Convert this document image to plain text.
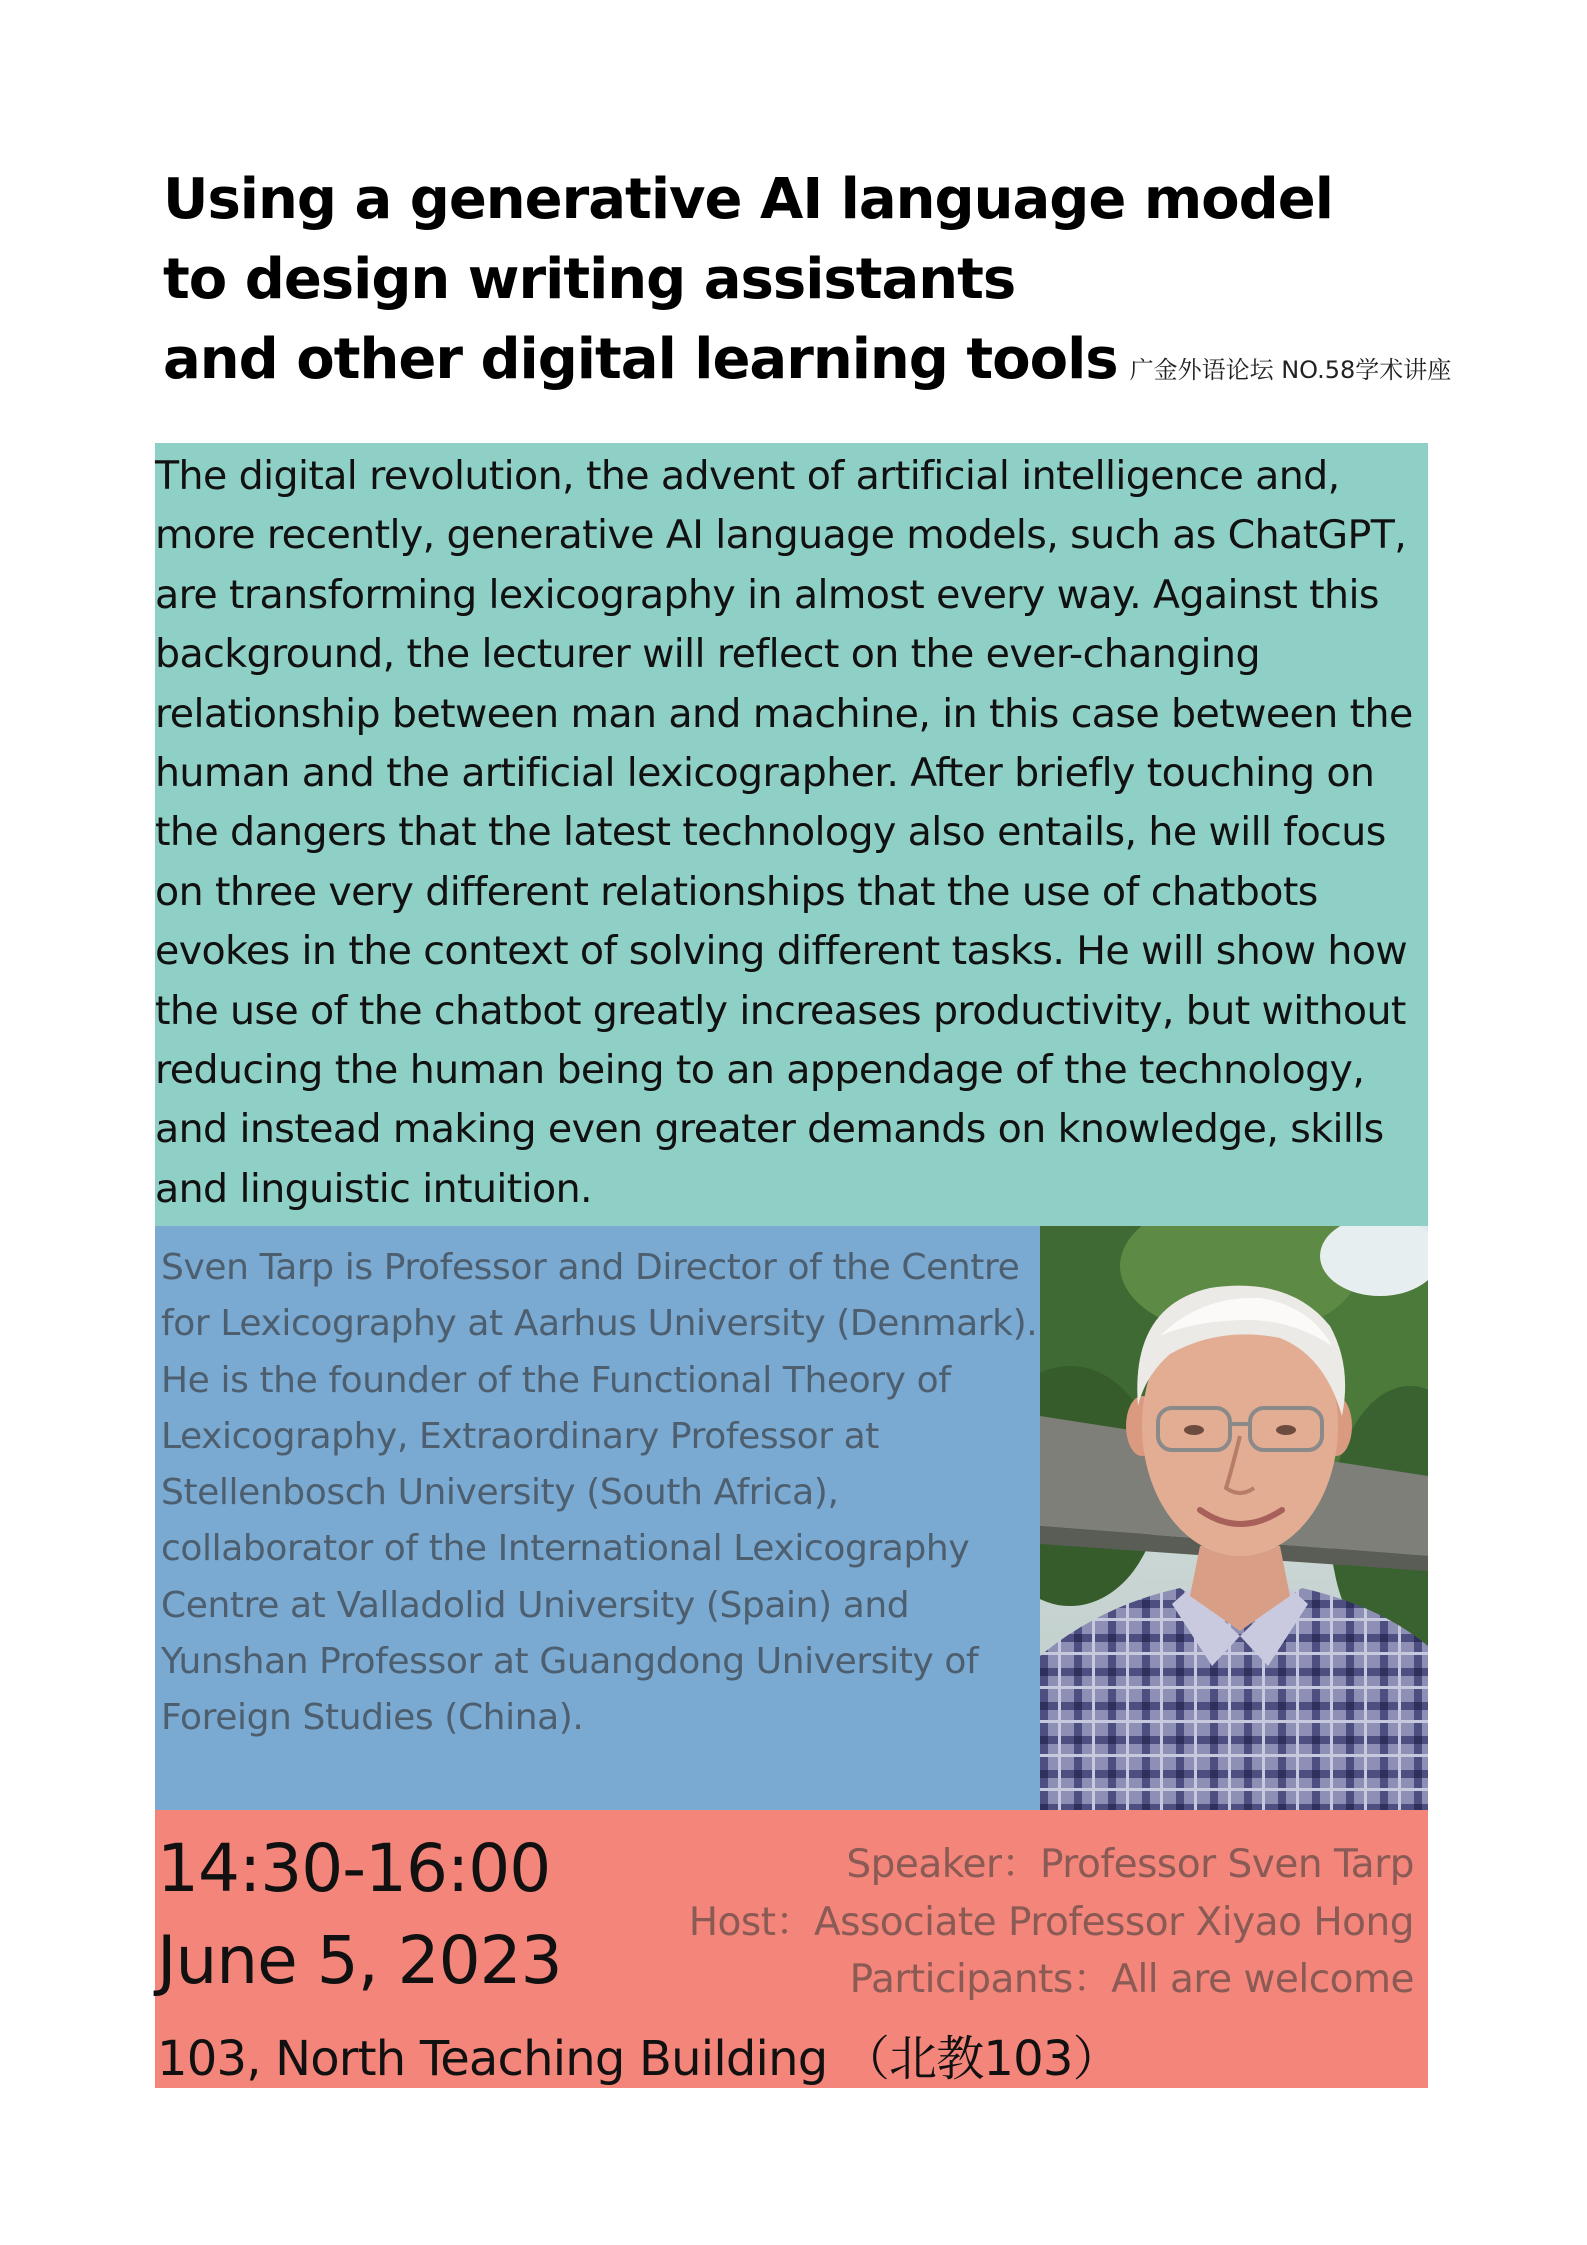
Using a generative AI language model
to design writing assistants
and other digital learning tools 广金外语论坛 NO.58学术讲座

The digital revolution, the advent of artificial intelligence and, more recently, generative AI language models, such as ChatGPT, are transforming lexicography in almost every way. Against this background, the lecturer will reflect on the ever-changing relationship between man and machine, in this case between the human and the artificial lexicographer. After briefly touching on the dangers that the latest technology also entails, he will focus on three very different relationships that the use of chatbots evokes in the context of solving different tasks. He will show how the use of the chatbot greatly increases productivity, but without reducing the human being to an appendage of the technology, and instead making even greater demands on knowledge, skills and linguistic intuition.

Sven Tarp is Professor and Director of the Centre for Lexicography at Aarhus University (Denmark). He is the founder of the Functional Theory of Lexicography, Extraordinary Professor at Stellenbosch University (South Africa), collaborator of the International Lexicography Centre at Valladolid University (Spain) and Yunshan Professor at Guangdong University of Foreign Studies (China).

14:30-16:00
June 5, 2023
103, North Teaching Building （北教103）
Speaker：Professor Sven Tarp
Host：Associate Professor Xiyao Hong
Participants：All are welcome
